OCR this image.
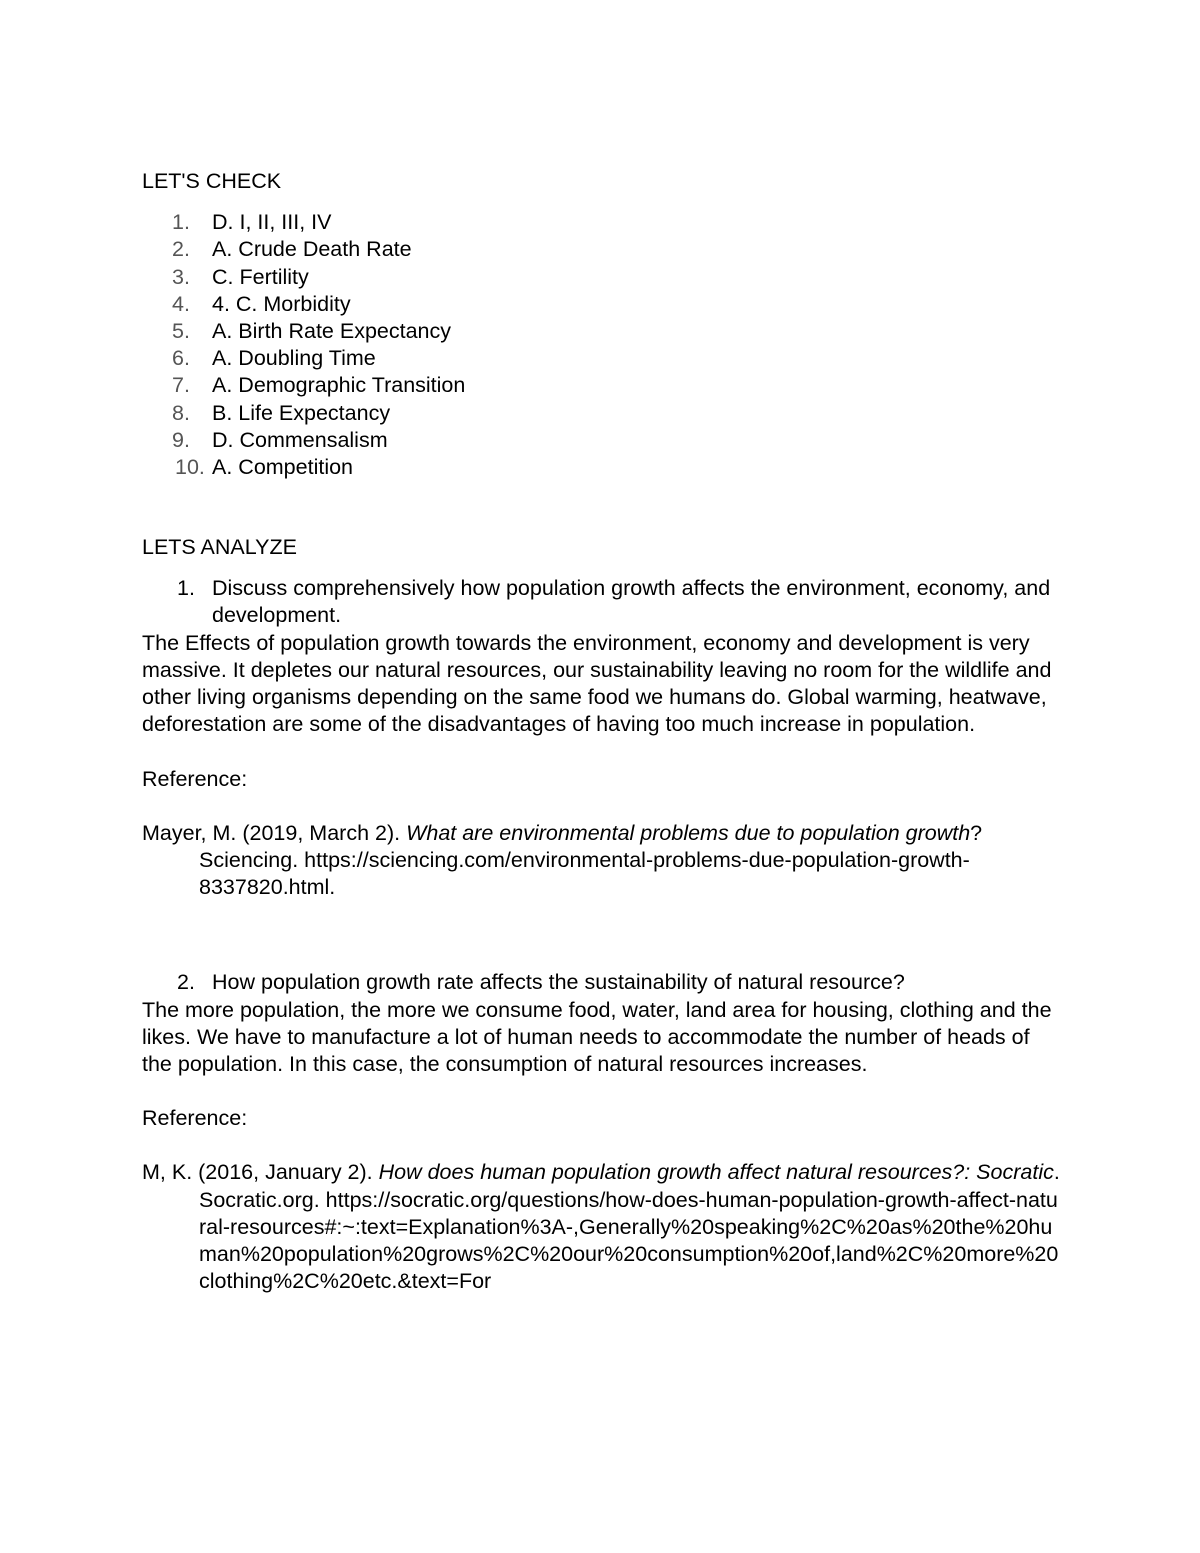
LET'S CHECK
1. D. I, II, III, IV
2. A. Crude Death Rate
3. C. Fertility
4. 4. C. Morbidity
5. A. Birth Rate Expectancy
6. A. Doubling Time
7. A. Demographic Transition
8. B. Life Expectancy
9. D. Commensalism
10. A. Competition
LETS ANALYZE
1. Discuss comprehensively how population growth affects the environment, economy, and development.

The Effects of population growth towards the environment, economy and development is very massive. It depletes our natural resources, our sustainability leaving no room for the wildlife and other living organisms depending on the same food we humans do. Global warming, heatwave, deforestation are some of the disadvantages of having too much increase in population.

Reference:

Mayer, M. (2019, March 2). What are environmental problems due to population growth? Sciencing. https://sciencing.com/environmental-problems-due-population-growth-8337820.html.

2. How population growth rate affects the sustainability of natural resource?

The more population, the more we consume food, water, land area for housing, clothing and the likes. We have to manufacture a lot of human needs to accommodate the number of heads of the population. In this case, the consumption of natural resources increases.

Reference:

M, K. (2016, January 2). How does human population growth affect natural resources?: Socratic. Socratic.org. https://socratic.org/questions/how-does-human-population-growth-affect-natural-resources#:~:text=Explanation%3A-,Generally%20speaking%2C%20as%20the%20human%20population%20grows%2C%20our%20consumption%20of,land%2C%20more%20clothing%2C%20etc.&text=For
